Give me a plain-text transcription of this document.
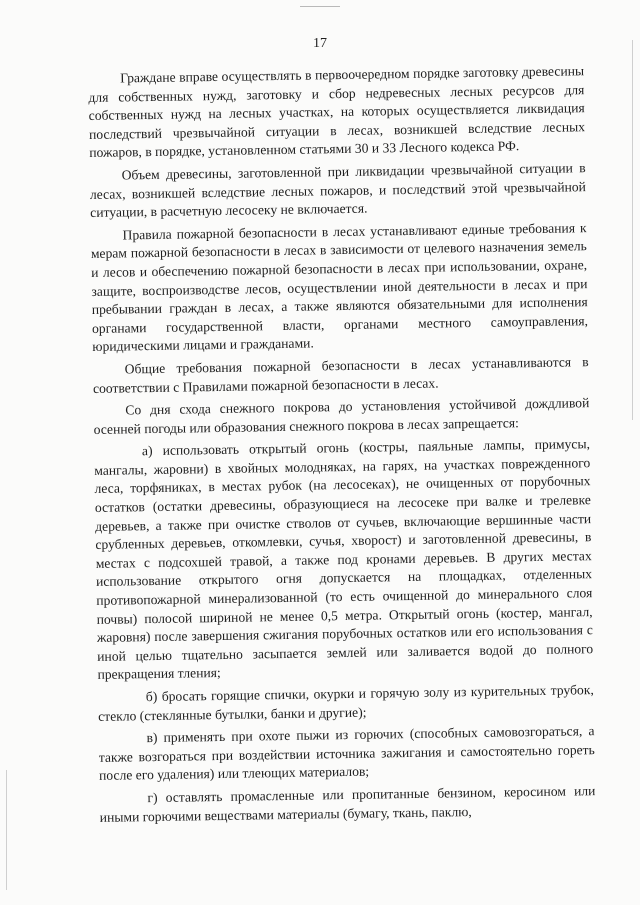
17

Граждане вправе осуществлять в первоочередном порядке заготовку древесины для собственных нужд, заготовку и сбор недревесных лесных ресурсов для собственных нужд на лесных участках, на которых осуществляется ликвидация последствий чрезвычайной ситуации в лесах, возникшей вследствие лесных пожаров, в порядке, установленном статьями 30 и 33 Лесного кодекса РФ.

Объем древесины, заготовленной при ликвидации чрезвычайной ситуации в лесах, возникшей вследствие лесных пожаров, и последствий этой чрезвычайной ситуации, в расчетную лесосеку не включается.

Правила пожарной безопасности в лесах устанавливают единые требования к мерам пожарной безопасности в лесах в зависимости от целевого назначения земель и лесов и обеспечению пожарной безопасности в лесах при использовании, охране, защите, воспроизводстве лесов, осуществлении иной деятельности в лесах и при пребывании граждан в лесах, а также являются обязательными для исполнения органами государственной власти, органами местного самоуправления, юридическими лицами и гражданами.

Общие требования пожарной безопасности в лесах устанавливаются в соответствии с Правилами пожарной безопасности в лесах.

Со дня схода снежного покрова до установления устойчивой дождливой осенней погоды или образования снежного покрова в лесах запрещается:

а) использовать открытый огонь (костры, паяльные лампы, примусы, мангалы, жаровни) в хвойных молодняках, на гарях, на участках поврежденного леса, торфяниках, в местах рубок (на лесосеках), не очищенных от порубочных остатков (остатки древесины, образующиеся на лесосеке при валке и трелевке деревьев, а также при очистке стволов от сучьев, включающие вершинные части срубленных деревьев, откомлевки, сучья, хворост) и заготовленной древесины, в местах с подсохшей травой, а также под кронами деревьев. В других местах использование открытого огня допускается на площадках, отделенных противопожарной минерализованной (то есть очищенной до минерального слоя почвы) полосой шириной не менее 0,5 метра. Открытый огонь (костер, мангал, жаровня) после завершения сжигания порубочных остатков или его использования с иной целью тщательно засыпается землей или заливается водой до полного прекращения тления;

б) бросать горящие спички, окурки и горячую золу из курительных трубок, стекло (стеклянные бутылки, банки и другие);

в) применять при охоте пыжи из горючих (способных самовозгораться, а также возгораться при воздействии источника зажигания и самостоятельно гореть после его удаления) или тлеющих материалов;

г) оставлять промасленные или пропитанные бензином, керосином или иными горючими веществами материалы (бумагу, ткань, паклю,
